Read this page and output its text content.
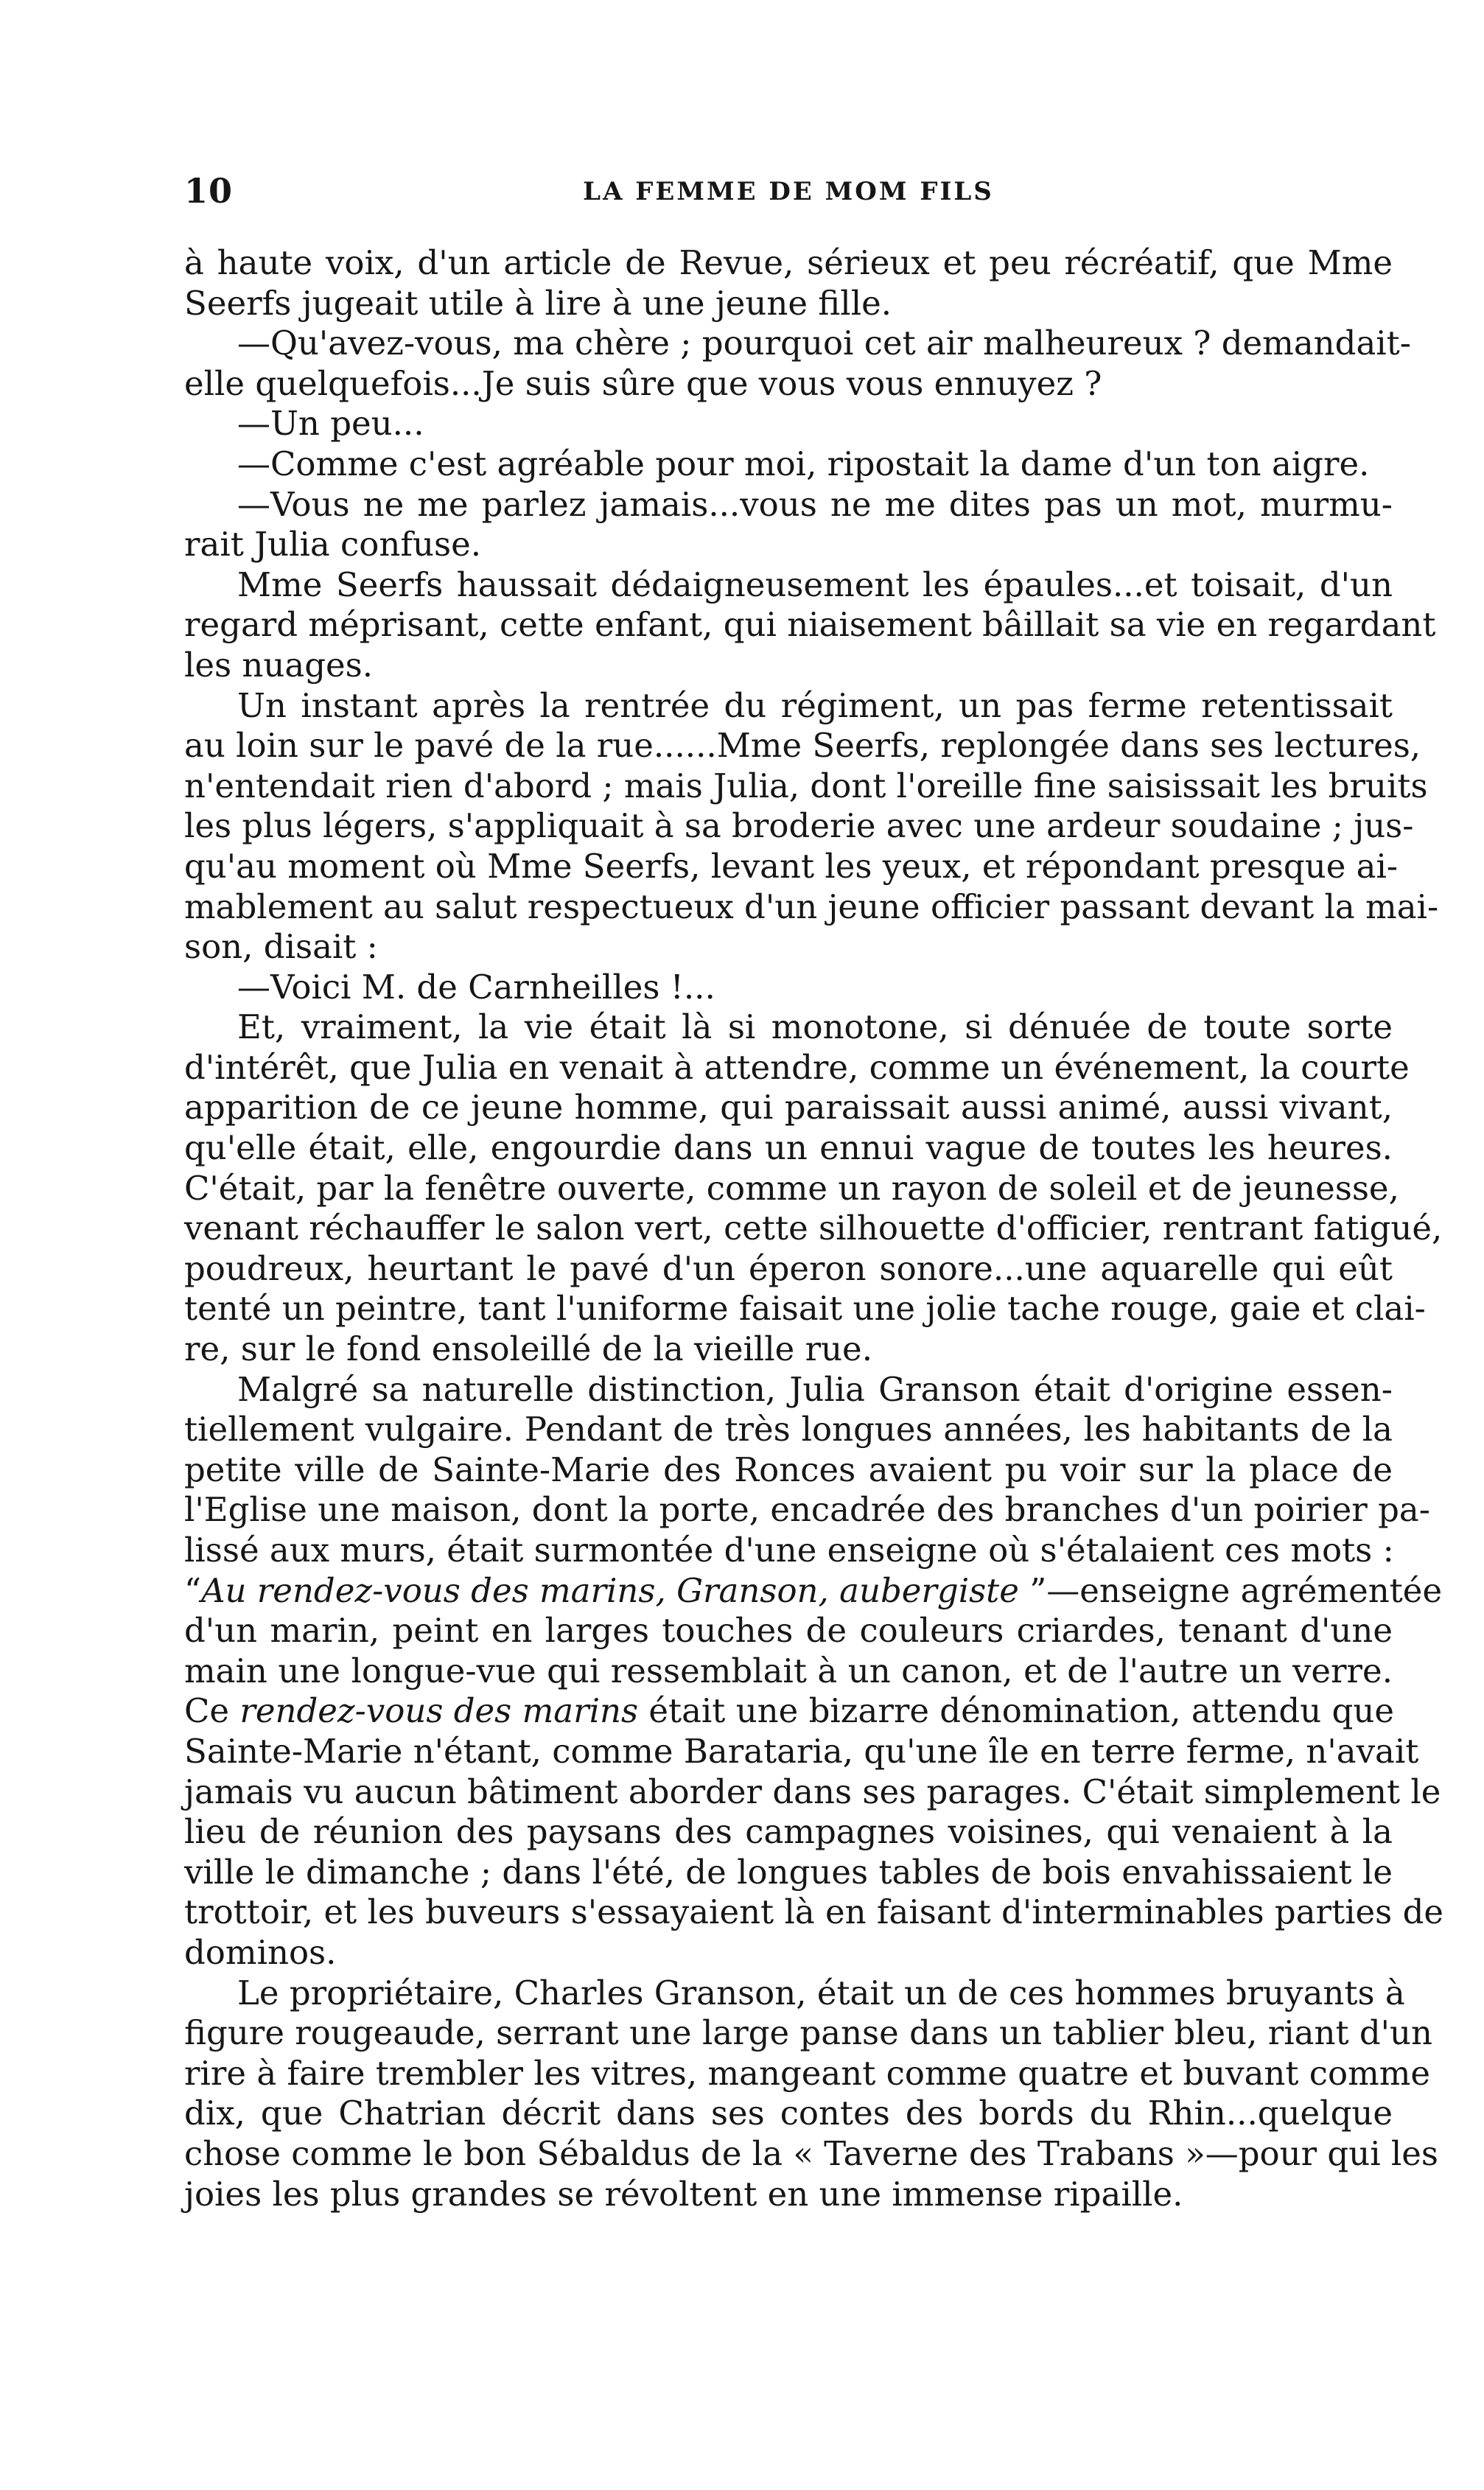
10	LA FEMME DE MOM FILS
à haute voix, d'un article de Revue, sérieux et peu récréatif, que Mme
Seerfs jugeait utile à lire à une jeune fille.
—Qu'avez-vous, ma chère ; pourquoi cet air malheureux ? demandait-
elle quelquefois...Je suis sûre que vous vous ennuyez ?
—Un peu...
—Comme c'est agréable pour moi, ripostait la dame d'un ton aigre.
—Vous ne me parlez jamais...vous ne me dites pas un mot, murmu-
rait Julia confuse.
Mme Seerfs haussait dédaigneusement les épaules...et toisait, d'un
regard méprisant, cette enfant, qui niaisement bâillait sa vie en regardant
les nuages.
Un instant après la rentrée du régiment, un pas ferme retentissait
au loin sur le pavé de la rue......Mme Seerfs, replongée dans ses lectures,
n'entendait rien d'abord ; mais Julia, dont l'oreille fine saisissait les bruits
les plus légers, s'appliquait à sa broderie avec une ardeur soudaine ; jus-
qu'au moment où Mme Seerfs, levant les yeux, et répondant presque ai-
mablement au salut respectueux d'un jeune officier passant devant la mai-
son, disait :
—Voici M. de Carnheilles !...
Et, vraiment, la vie était là si monotone, si dénuée de toute sorte
d'intérêt, que Julia en venait à attendre, comme un événement, la courte
apparition de ce jeune homme, qui paraissait aussi animé, aussi vivant,
qu'elle était, elle, engourdie dans un ennui vague de toutes les heures.
C'était, par la fenêtre ouverte, comme un rayon de soleil et de jeunesse,
venant réchauffer le salon vert, cette silhouette d'officier, rentrant fatigué,
poudreux, heurtant le pavé d'un éperon sonore...une aquarelle qui eût
tenté un peintre, tant l'uniforme faisait une jolie tache rouge, gaie et clai-
re, sur le fond ensoleillé de la vieille rue.
Malgré sa naturelle distinction, Julia Granson était d'origine essen-
tiellement vulgaire. Pendant de très longues années, les habitants de la
petite ville de Sainte-Marie des Ronces avaient pu voir sur la place de
l'Eglise une maison, dont la porte, encadrée des branches d'un poirier pa-
lissé aux murs, était surmontée d'une enseigne où s'étalaient ces mots :
“Au rendez-vous des marins, Granson, aubergiste ”—enseigne agrémentée
d'un marin, peint en larges touches de couleurs criardes, tenant d'une
main une longue-vue qui ressemblait à un canon, et de l'autre un verre.
Ce rendez-vous des marins était une bizarre dénomination, attendu que
Sainte-Marie n'étant, comme Barataria, qu'une île en terre ferme, n'avait
jamais vu aucun bâtiment aborder dans ses parages. C'était simplement le
lieu de réunion des paysans des campagnes voisines, qui venaient à la
ville le dimanche ; dans l'été, de longues tables de bois envahissaient le
trottoir, et les buveurs s'essayaient là en faisant d'interminables parties de
dominos.
Le propriétaire, Charles Granson, était un de ces hommes bruyants à
figure rougeaude, serrant une large panse dans un tablier bleu, riant d'un
rire à faire trembler les vitres, mangeant comme quatre et buvant comme
dix, que Chatrian décrit dans ses contes des bords du Rhin...quelque
chose comme le bon Sébaldus de la « Taverne des Trabans »—pour qui les
joies les plus grandes se révoltent en une immense ripaille.
